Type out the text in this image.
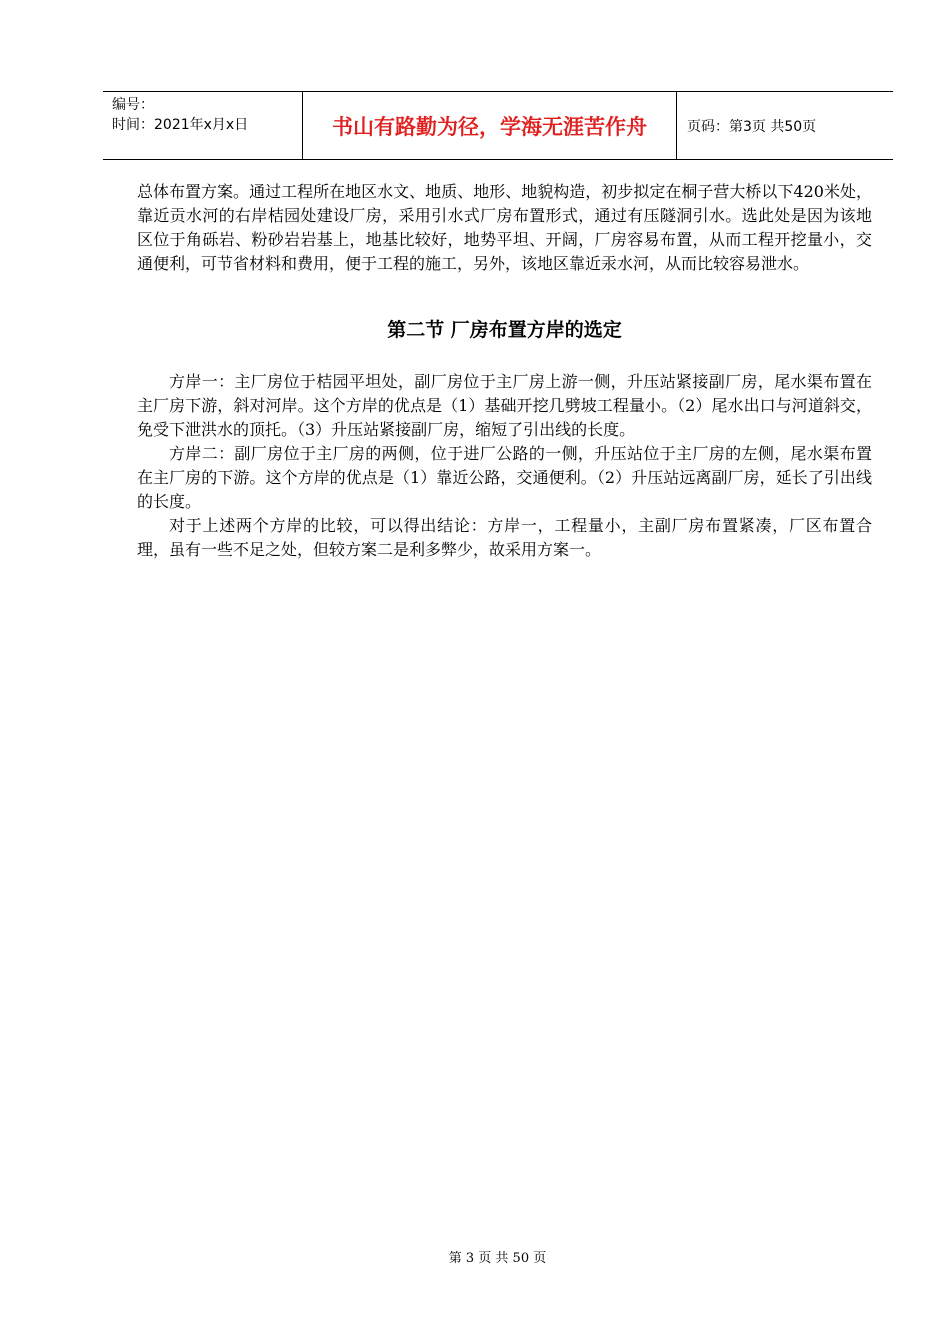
编号：
时间：2021年x月x日	书山有路勤为径，学海无涯苦作舟	页码：第3页 共50页

总体布置方案。通过工程所在地区水文、地质、地形、地貌构造，初步拟定在桐子营大桥以下420米处，靠近贡水河的右岸桔园处建设厂房，采用引水式厂房布置形式，通过有压隧洞引水。选此处是因为该地区位于角砾岩、粉砂岩岩基上，地基比较好，地势平坦、开阔，厂房容易布置，从而工程开挖量小，交通便利，可节省材料和费用，便于工程的施工，另外，该地区靠近汞水河，从而比较容易泄水。

第二节 厂房布置方岸的选定

方岸一：主厂房位于桔园平坦处，副厂房位于主厂房上游一侧，升压站紧接副厂房，尾水渠布置在主厂房下游，斜对河岸。这个方岸的优点是（1）基础开挖几劈坡工程量小。（2）尾水出口与河道斜交，免受下泄洪水的顶托。（3）升压站紧接副厂房，缩短了引出线的长度。

方岸二：副厂房位于主厂房的两侧，位于进厂公路的一侧，升压站位于主厂房的左侧，尾水渠布置在主厂房的下游。这个方岸的优点是（1）靠近公路，交通便利。（2）升压站远离副厂房，延长了引出线的长度。

对于上述两个方岸的比较，可以得出结论：方岸一，工程量小，主副厂房布置紧凑，厂区布置合理，虽有一些不足之处，但较方案二是利多弊少，故采用方案一。

第 3 页 共 50 页
